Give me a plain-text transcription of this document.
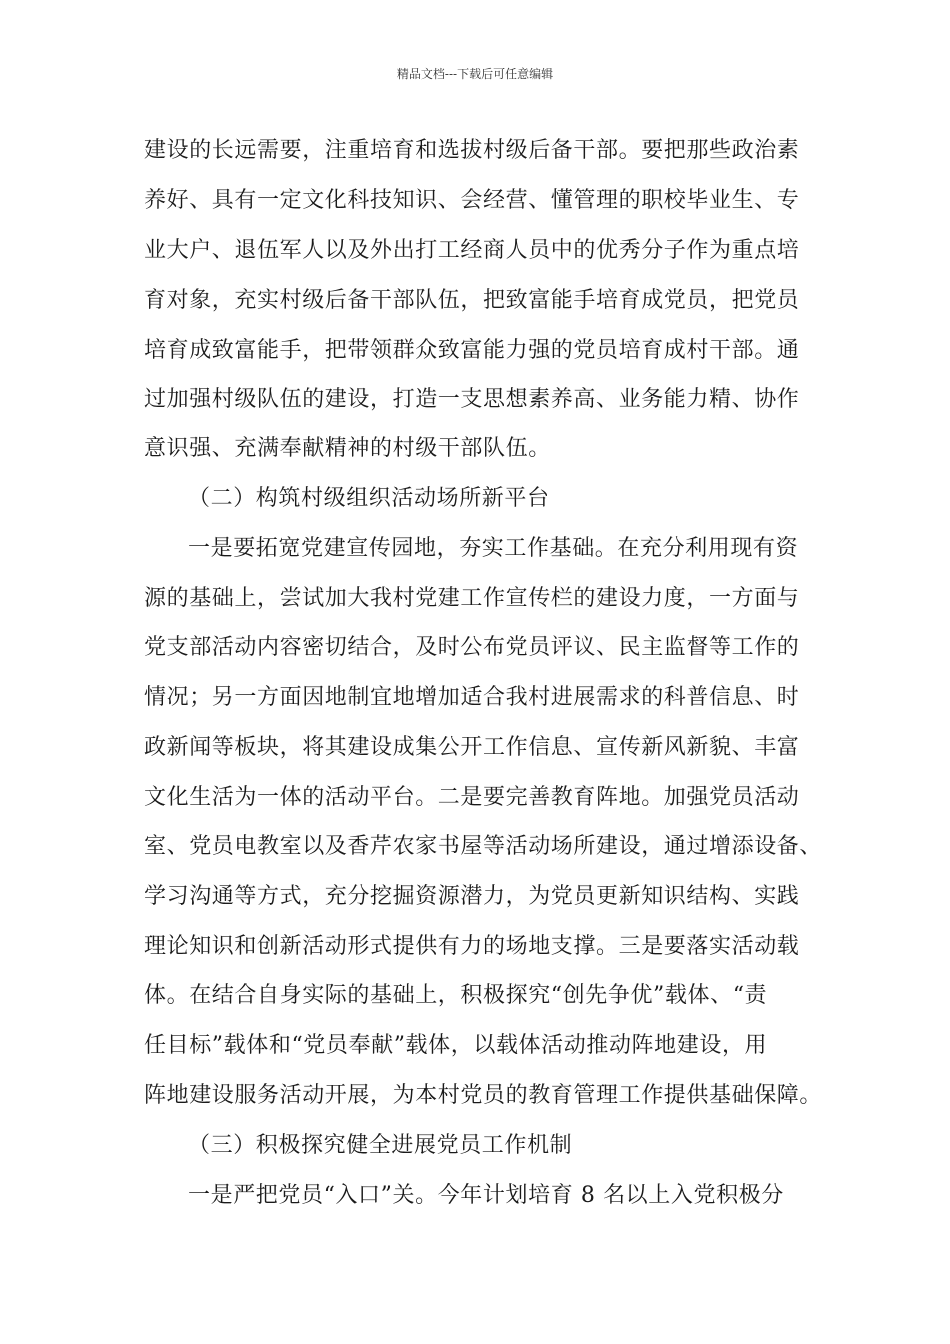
精品文档---下载后可任意编辑
建设的长远需要，注重培育和选拔村级后备干部。要把那些政治素
养好、具有一定文化科技知识、会经营、懂管理的职校毕业生、专
业大户、退伍军人以及外出打工经商人员中的优秀分子作为重点培
育对象，充实村级后备干部队伍，把致富能手培育成党员，把党员
培育成致富能手，把带领群众致富能力强的党员培育成村干部。通
过加强村级队伍的建设，打造一支思想素养高、业务能力精、协作
意识强、充满奉献精神的村级干部队伍。
（二）构筑村级组织活动场所新平台
一是要拓宽党建宣传园地，夯实工作基础。在充分利用现有资
源的基础上，尝试加大我村党建工作宣传栏的建设力度，一方面与
党支部活动内容密切结合，及时公布党员评议、民主监督等工作的
情况；另一方面因地制宜地增加适合我村进展需求的科普信息、时
政新闻等板块，将其建设成集公开工作信息、宣传新风新貌、丰富
文化生活为一体的活动平台。二是要完善教育阵地。加强党员活动
室、党员电教室以及香芹农家书屋等活动场所建设，通过增添设备、
学习沟通等方式，充分挖掘资源潜力，为党员更新知识结构、实践
理论知识和创新活动形式提供有力的场地支撑。三是要落实活动载
体。在结合自身实际的基础上，积极探究“创先争优”载体、“责
任目标”载体和“党员奉献”载体，以载体活动推动阵地建设，用
阵地建设服务活动开展，为本村党员的教育管理工作提供基础保障。
（三）积极探究健全进展党员工作机制
一是严把党员“入口”关。今年计划培育 8 名以上入党积极分
